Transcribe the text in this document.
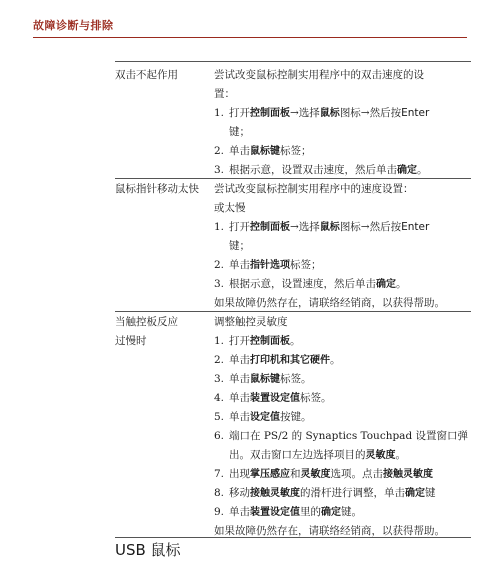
故障诊断与排除
双击不起作用	尝试改变鼠标控制实用程序中的双击速度的设
置：
1. 打开控制面板→选择鼠标图标→然后按Enter
键；
2. 单击鼠标键标签；
3. 根据示意，设置双击速度，然后单击确定。
鼠标指针移动太快	尝试改变鼠标控制实用程序中的速度设置：
或太慢
1. 打开控制面板→选择鼠标图标→然后按Enter
键；
2. 单击指针选项标签；
3. 根据示意，设置速度，然后单击确定。
如果故障仍然存在，请联络经销商，以获得帮助。
当触控板反应
过慢时
调整触控灵敏度
1. 打开控制面板。
2. 单击打印机和其它硬件。
3. 单击鼠标键标签。
4. 单击装置设定值标签。
5. 单击设定值按键。
6. 端口在 PS/2 的 Synaptics Touchpad 设置窗口弹
出。双击窗口左边选择项目的灵敏度。
7. 出现掌压感应和灵敏度选项。点击接触灵敏度
8. 移动接触灵敏度的滑杆进行调整，单击确定键
9. 单击装置设定值里的确定键。
如果故障仍然存在，请联络经销商，以获得帮助。
USB 鼠标
